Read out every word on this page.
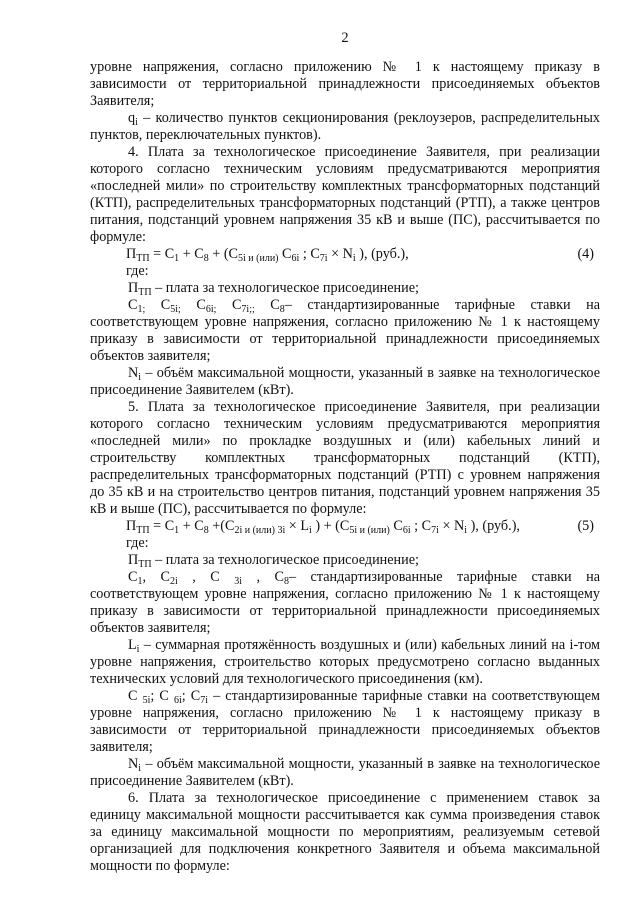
2

уровне напряжения, согласно приложению № 1 к настоящему приказу в зависимости от территориальной принадлежности присоединяемых объектов Заявителя;

$q_i$ – количество пунктов секционирования (реклоузеров, распределительных пунктов, переключательных пунктов).

4. Плата за технологическое присоединение Заявителя, при реализации которого согласно техническим условиям предусматриваются мероприятия «последней мили» по строительству комплектных трансформаторных подстанций (КТП), распределительных трансформаторных подстанций (РТП), а также центров питания, подстанций уровнем напряжения 35 кВ и выше (ПС), рассчитывается по формуле:

$П_{ТП} = C_1 + C_8 + (C_{5i и (или)}$ $C_{6i}$ ; $C_{7i} \times N_i$ ), (руб.),	(4)

где:

$П_{ТП}$ – плата за технологическое присоединение;

$C_{1;}$ $C_{5i;}$ $C_{6i;}$ $C_{7i;;}$ $C_8-$ стандартизированные тарифные ставки на соответствующем уровне напряжения, согласно приложению № 1 к настоящему приказу в зависимости от территориальной принадлежности присоединяемых объектов заявителя;

$N_i$ – объём максимальной мощности, указанный в заявке на технологическое присоединение Заявителем (кВт).

5. Плата за технологическое присоединение Заявителя, при реализации которого согласно техническим условиям предусматриваются мероприятия «последней мили» по прокладке воздушных и (или) кабельных линий и строительству комплектных трансформаторных подстанций (КТП), распределительных трансформаторных подстанций (РТП) с уровнем напряжения до 35 кВ и на строительство центров питания, подстанций уровнем напряжения 35 кВ и выше (ПС), рассчитывается по формуле:

$П_{ТП} = C_1 + C_8 +(C_{2i и (или) 3i} \times L_i$ ) + ($C_{5i и (или)}$ $C_{6i}$ ; $C_{7i} \times N_i$ ), (руб.),	(5)

где:

$П_{ТП}$ – плата за технологическое присоединение;

$C_1$, $C_{2i}$ , C $_{3i}$ , $C_8-$ стандартизированные тарифные ставки на соответствующем уровне напряжения, согласно приложению № 1 к настоящему приказу в зависимости от территориальной принадлежности присоединяемых объектов заявителя;

$L_i$ – суммарная протяжённость воздушных и (или) кабельных линий на i-том уровне напряжения, строительство которых предусмотрено согласно выданных технических условий для технологического присоединения (км).

C $_{5i}$; C $_{6i}$; $C_{7i}$ – стандартизированные тарифные ставки на соответствующем уровне напряжения, согласно приложению № 1 к настоящему приказу в зависимости от территориальной принадлежности присоединяемых объектов заявителя;

$N_i$ – объём максимальной мощности, указанный в заявке на технологическое присоединение Заявителем (кВт).

6. Плата за технологическое присоединение с применением ставок за единицу максимальной мощности рассчитывается как сумма произведения ставок за единицу максимальной мощности по мероприятиям, реализуемым сетевой организацией для подключения конкретного Заявителя и объема максимальной мощности по формуле:
